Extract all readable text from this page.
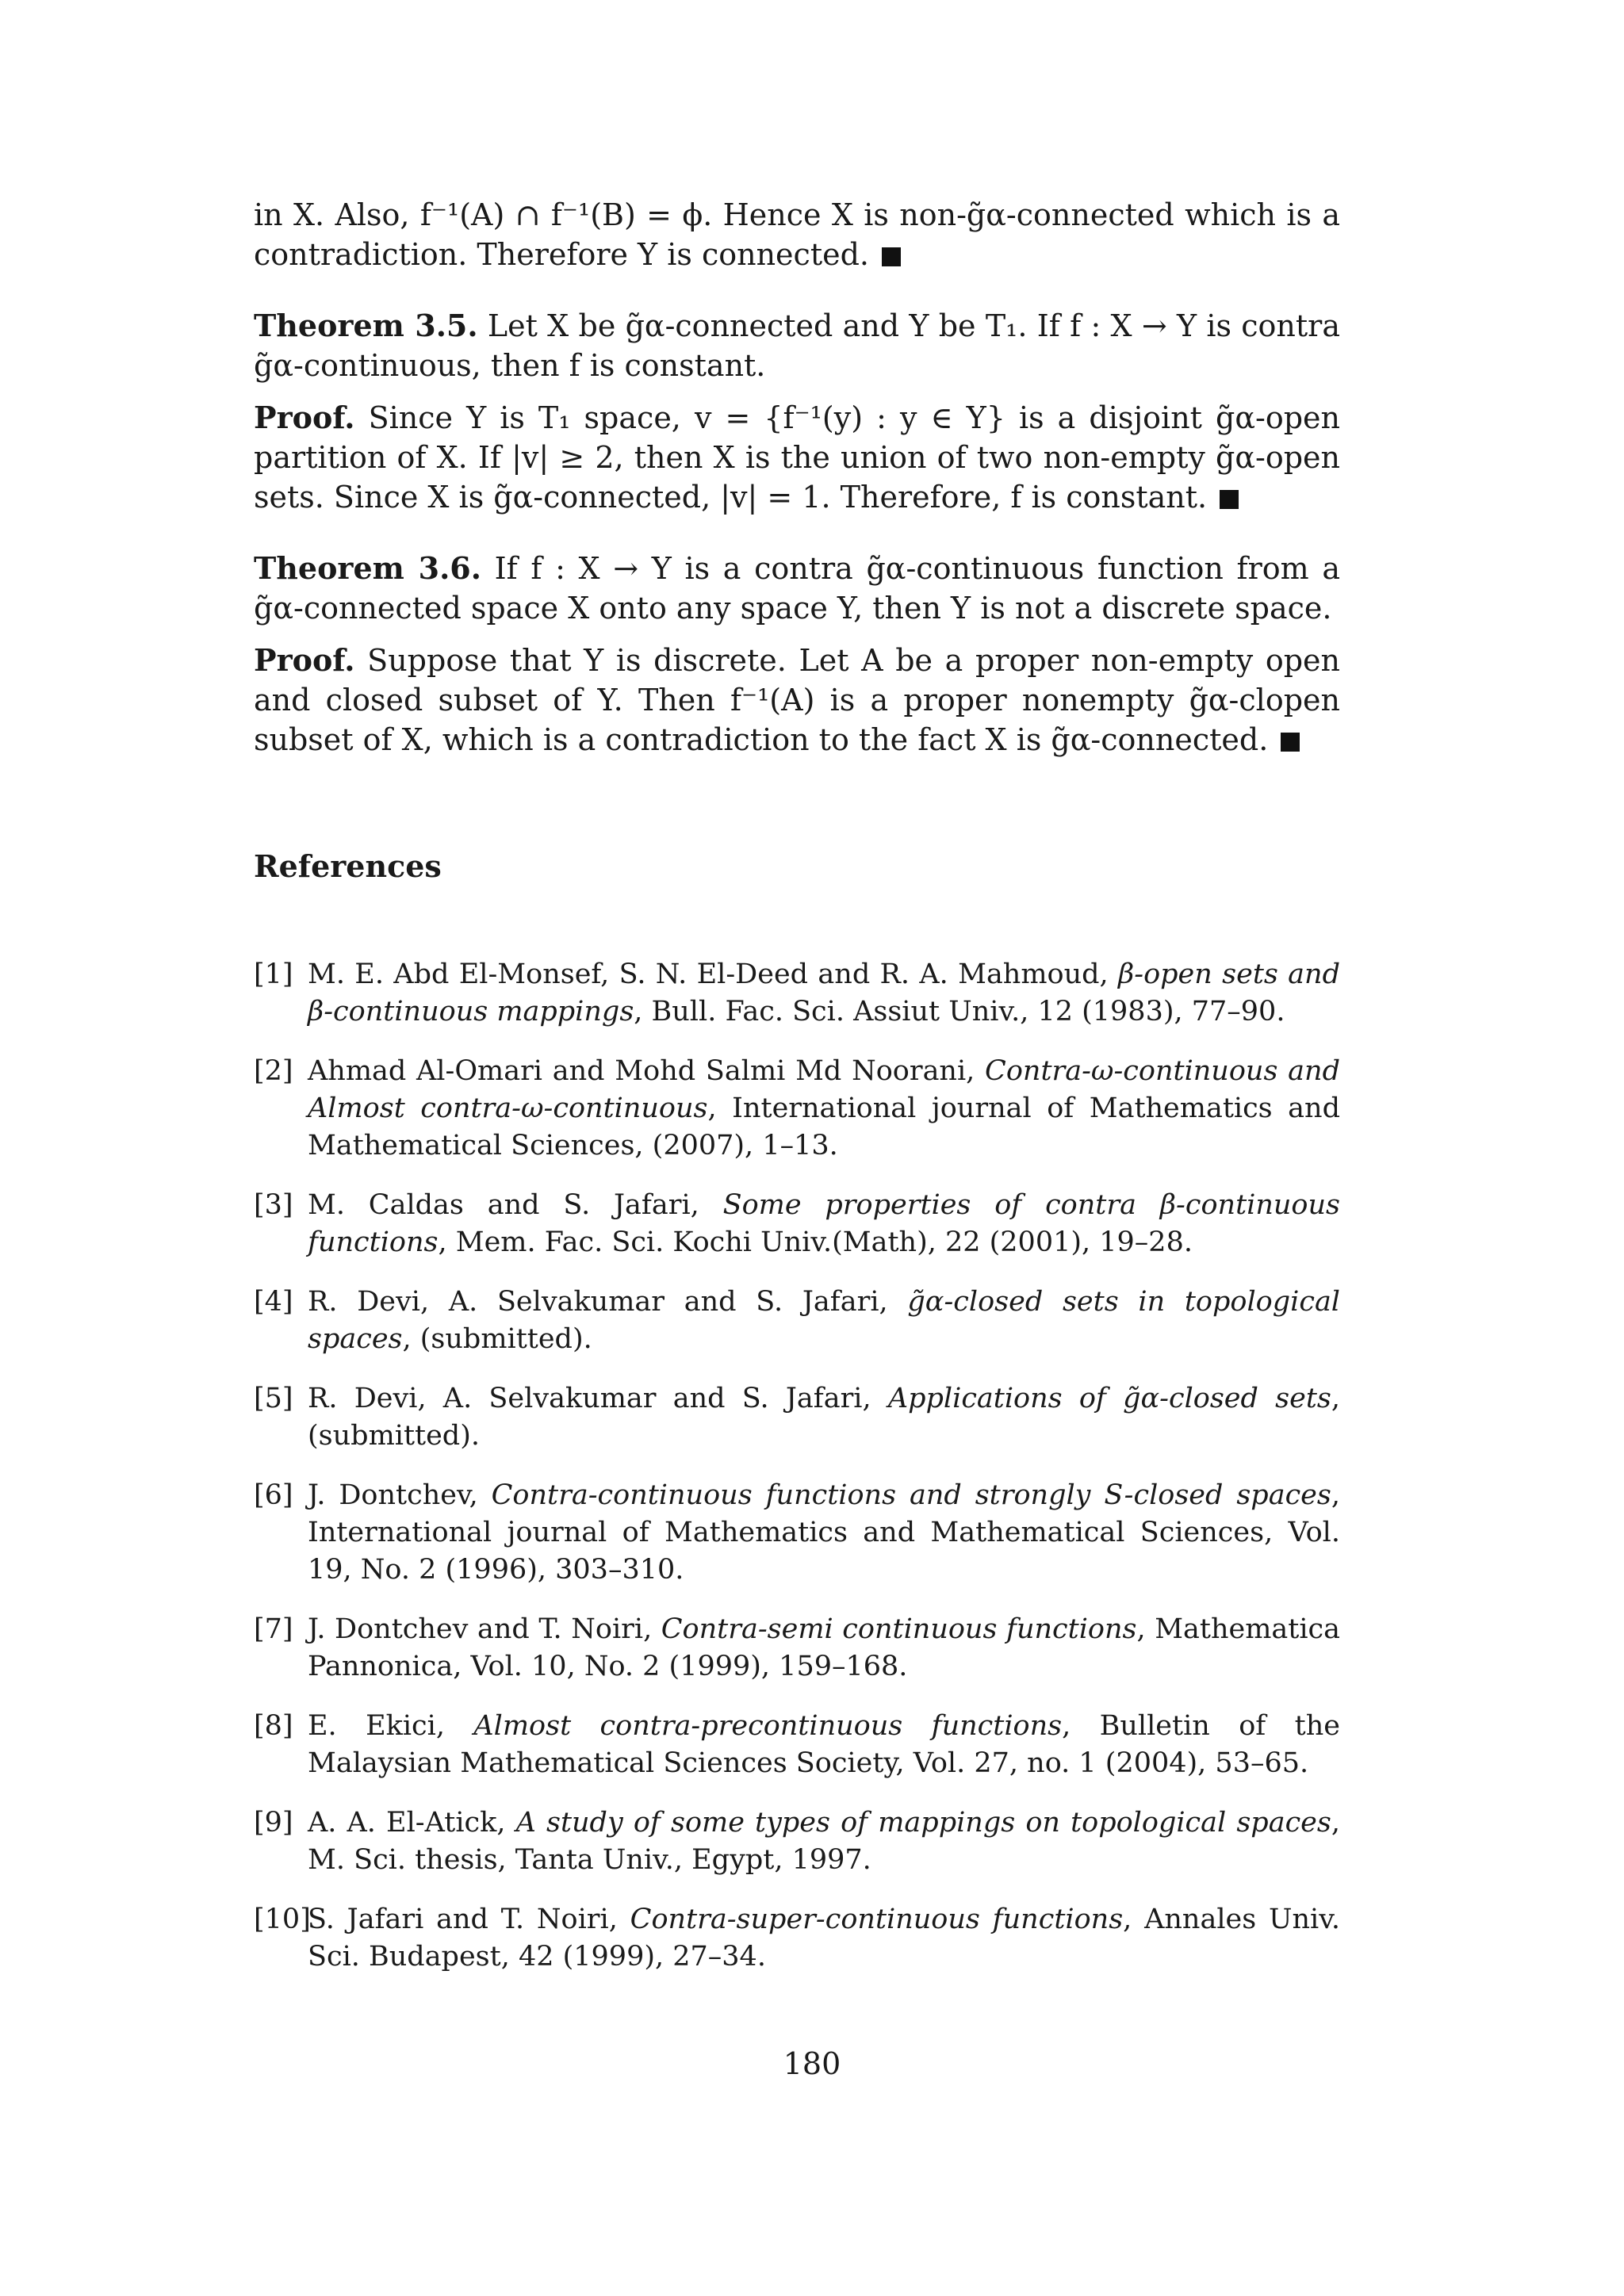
in X. Also, f⁻¹(A) ∩ f⁻¹(B) = ϕ. Hence X is non-g̃α-connected which is a contradiction. Therefore Y is connected.

Theorem 3.5. Let X be g̃α-connected and Y be T₁. If f : X → Y is contra g̃α-continuous, then f is constant.

Proof. Since Y is T₁ space, v = {f⁻¹(y) : y ∈ Y} is a disjoint g̃α-open partition of X. If |v| ≥ 2, then X is the union of two non-empty g̃α-open sets. Since X is g̃α-connected, |v| = 1. Therefore, f is constant.

Theorem 3.6. If f : X → Y is a contra g̃α-continuous function from a g̃α-connected space X onto any space Y, then Y is not a discrete space.

Proof. Suppose that Y is discrete. Let A be a proper non-empty open and closed subset of Y. Then f⁻¹(A) is a proper nonempty g̃α-clopen subset of X, which is a contradiction to the fact X is g̃α-connected.

References
[1] M. E. Abd El-Monsef, S. N. El-Deed and R. A. Mahmoud, β-open sets and β-continuous mappings, Bull. Fac. Sci. Assiut Univ., 12 (1983), 77–90.
[2] Ahmad Al-Omari and Mohd Salmi Md Noorani, Contra-ω-continuous and Almost contra-ω-continuous, International journal of Mathematics and Mathematical Sciences, (2007), 1–13.
[3] M. Caldas and S. Jafari, Some properties of contra β-continuous functions, Mem. Fac. Sci. Kochi Univ.(Math), 22 (2001), 19–28.
[4] R. Devi, A. Selvakumar and S. Jafari, g̃α-closed sets in topological spaces, (submitted).
[5] R. Devi, A. Selvakumar and S. Jafari, Applications of g̃α-closed sets, (submitted).
[6] J. Dontchev, Contra-continuous functions and strongly S-closed spaces, International journal of Mathematics and Mathematical Sciences, Vol. 19, No. 2 (1996), 303–310.
[7] J. Dontchev and T. Noiri, Contra-semi continuous functions, Mathematica Pannonica, Vol. 10, No. 2 (1999), 159–168.
[8] E. Ekici, Almost contra-precontinuous functions, Bulletin of the Malaysian Mathematical Sciences Society, Vol. 27, no. 1 (2004), 53–65.
[9] A. A. El-Atick, A study of some types of mappings on topological spaces, M. Sci. thesis, Tanta Univ., Egypt, 1997.
[10]
S. Jafari and T. Noiri, Contra-super-continuous functions, Annales Univ. Sci. Budapest, 42 (1999), 27–34.
180
